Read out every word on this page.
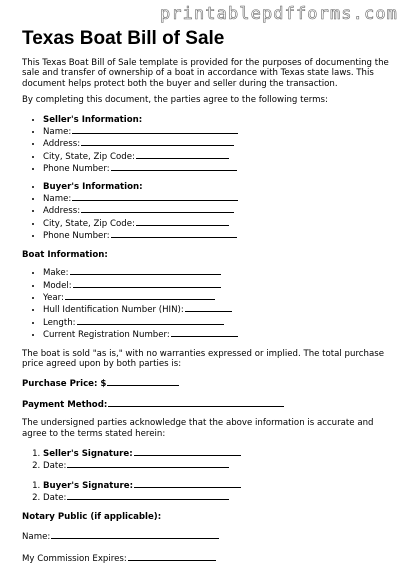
printablepdfforms.com
Texas Boat Bill of Sale

This Texas Boat Bill of Sale template is provided for the purposes of documenting the sale and transfer of ownership of a boat in accordance with Texas state laws. This document helps protect both the buyer and seller during the transaction.

By completing this document, the parties agree to the following terms:

• Seller's Information:
• Name:
• Address:
• City, State, Zip Code:
• Phone Number:
• Buyer's Information:
• Name:
• Address:
• City, State, Zip Code:
• Phone Number:
Boat Information:
• Make:
• Model:
• Year:
• Hull Identification Number (HIN):
• Length:
• Current Registration Number:

The boat is sold "as is," with no warranties expressed or implied. The total purchase price agreed upon by both parties is:

Purchase Price: $
Payment Method:

The undersigned parties acknowledge that the above information is accurate and agree to the terms stated herein:

1. Seller's Signature:
2. Date:
1. Buyer's Signature:
2. Date:
Notary Public (if applicable):
Name:
My Commission Expires:
